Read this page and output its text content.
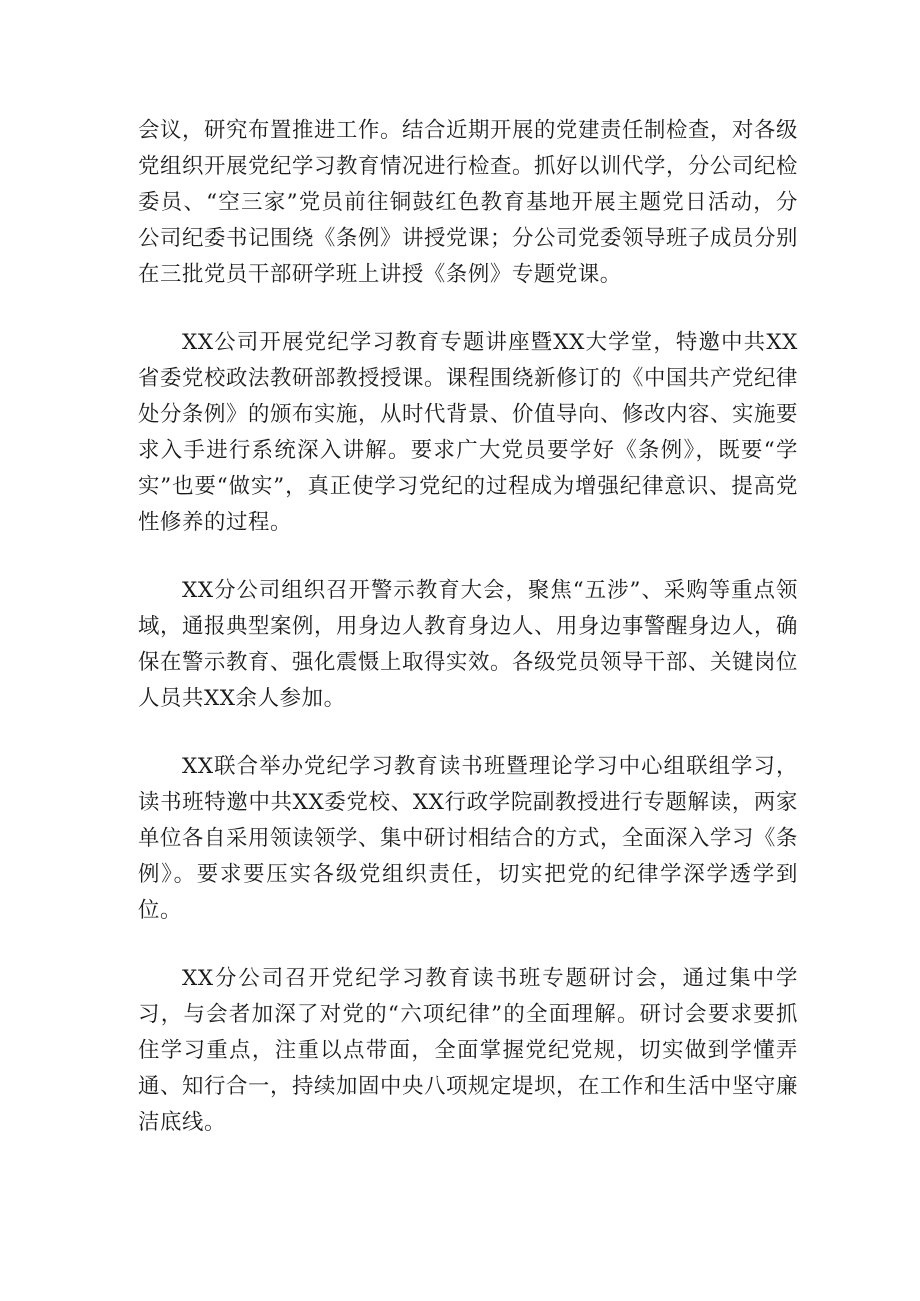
会议，研究布置推进工作。结合近期开展的党建责任制检查，对各级党组织开展党纪学习教育情况进行检查。抓好以训代学，分公司纪检委员、“空三家”党员前往铜鼓红色教育基地开展主题党日活动，分公司纪委书记围绕《条例》讲授党课；分公司党委领导班子成员分别在三批党员干部研学班上讲授《条例》专题党课。

XX公司开展党纪学习教育专题讲座暨XX大学堂，特邀中共XX省委党校政法教研部教授授课。课程围绕新修订的《中国共产党纪律处分条例》的颁布实施，从时代背景、价值导向、修改内容、实施要求入手进行系统深入讲解。要求广大党员要学好《条例》，既要“学实”也要“做实”，真正使学习党纪的过程成为增强纪律意识、提高党性修养的过程。

XX分公司组织召开警示教育大会，聚焦“五涉”、采购等重点领域，通报典型案例，用身边人教育身边人、用身边事警醒身边人，确保在警示教育、强化震慑上取得实效。各级党员领导干部、关键岗位人员共XX余人参加。

XX联合举办党纪学习教育读书班暨理论学习中心组联组学习，读书班特邀中共XX委党校、XX行政学院副教授进行专题解读，两家单位各自采用领读领学、集中研讨相结合的方式，全面深入学习《条例》。要求要压实各级党组织责任，切实把党的纪律学深学透学到位。

XX分公司召开党纪学习教育读书班专题研讨会，通过集中学习，与会者加深了对党的“六项纪律”的全面理解。研讨会要求要抓住学习重点，注重以点带面，全面掌握党纪党规，切实做到学懂弄通、知行合一，持续加固中央八项规定堤坝，在工作和生活中坚守廉洁底线。
